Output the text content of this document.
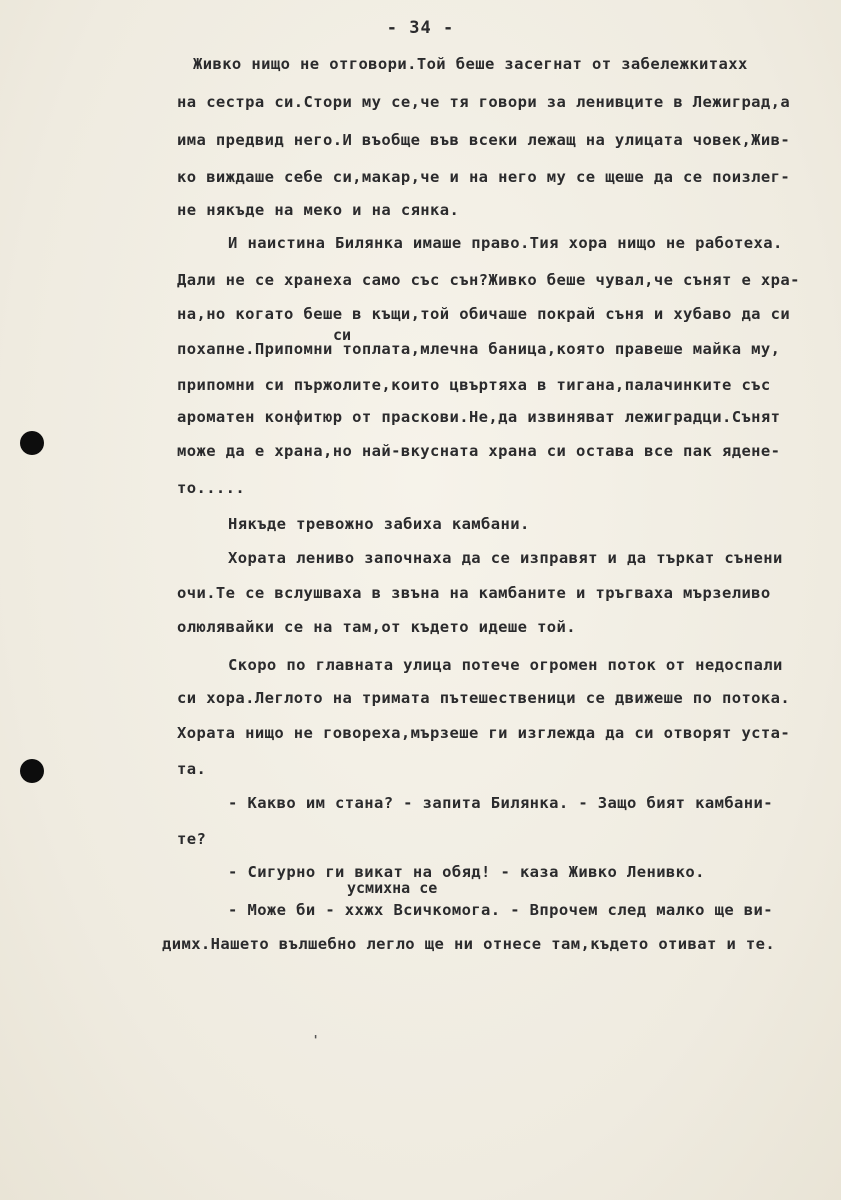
- 34 -
Живко нищо не отговори.Той беше засегнат от забележкитахх
на сестра си.Стори му се,че тя говори за ленивците в Лежиград,а
има предвид него.И въобще във всеки лежащ на улицата човек,Жив-
ко виждаше себе си,макар,че и на него му се щеше да се поизлег-
не някъде на меко и на сянка.
И наистина Билянка имаше право.Тия хора нищо не работеха.
Дали не се хранеха само със сън?Живко беше чувал,че сънят е хра-
на,но когато беше в къщи,той обичаше покрай съня и хубаво да си
си
похапне.Припомни топлата,млечна баница,която правеше майка му,
припомни си пържолите,които цвъртяха в тигана,палачинките със
ароматен конфитюр от праскови.Не,да извиняват лежиградци.Сънят
може да е храна,но най-вкусната храна си остава все пак ядене-
то.....
Някъде тревожно забиха камбани.
Хората лениво започнаха да се изправят и да търкат сънени
очи.Те се вслушваха в звъна на камбаните и тръгваха мързеливо
олюлявайки се на там,от където идеше той.
Скоро по главната улица потече огромен поток от недоспали
си хора.Леглото на тримата пътешественици се движеше по потока.
Хората нищо не говореха,мързеше ги изглежда да си отворят уста-
та.
- Какво им стана? - запита Билянка. - Защо бият камбани-
те?
- Сигурно ги викат на обяд! - каза Живко Ленивко.
усмихна се
- Може би - ххжх Всичкомога. - Впрочем след малко ще ви-
димх.Нашето вълшебно легло ще ни отнесе там,където отиват и те.
'
